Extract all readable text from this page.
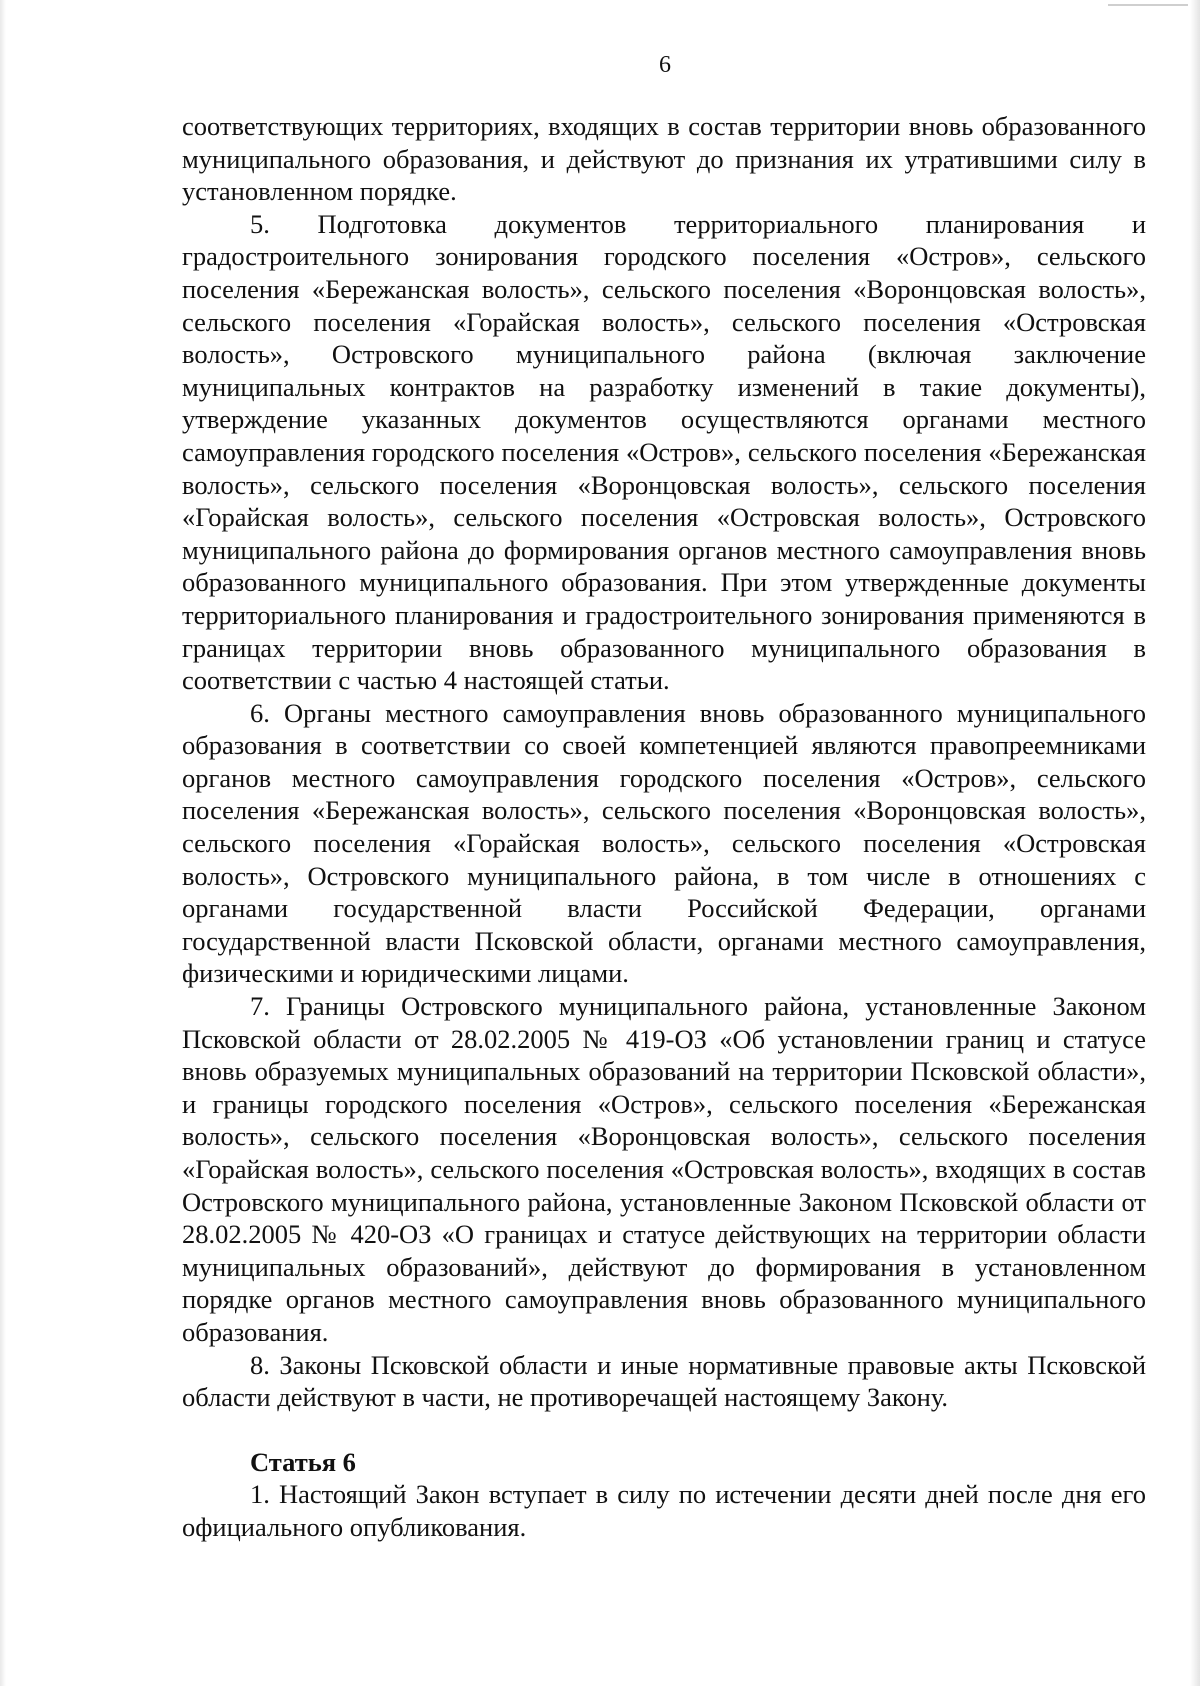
6

соответствующих территориях, входящих в состав территории вновь образованного муниципального образования, и действуют до признания их утратившими силу в установленном порядке.

5. Подготовка документов территориального планирования и градостроительного зонирования городского поселения «Остров», сельского поселения «Бережанская волость», сельского поселения «Воронцовская волость», сельского поселения «Горайская волость», сельского поселения «Островская волость», Островского муниципального района (включая заключение муниципальных контрактов на разработку изменений в такие документы), утверждение указанных документов осуществляются органами местного самоуправления городского поселения «Остров», сельского поселения «Бережанская волость», сельского поселения «Воронцовская волость», сельского поселения «Горайская волость», сельского поселения «Островская волость», Островского муниципального района до формирования органов местного самоуправления вновь образованного муниципального образования. При этом утвержденные документы территориального планирования и градостроительного зонирования применяются в границах территории вновь образованного муниципального образования в соответствии с частью 4 настоящей статьи.

6. Органы местного самоуправления вновь образованного муниципального образования в соответствии со своей компетенцией являются правопреемниками органов местного самоуправления городского поселения «Остров», сельского поселения «Бережанская волость», сельского поселения «Воронцовская волость», сельского поселения «Горайская волость», сельского поселения «Островская волость», Островского муниципального района, в том числе в отношениях с органами государственной власти Российской Федерации, органами государственной власти Псковской области, органами местного самоуправления, физическими и юридическими лицами.

7. Границы Островского муниципального района, установленные Законом Псковской области от 28.02.2005 № 419-ОЗ «Об установлении границ и статусе вновь образуемых муниципальных образований на территории Псковской области», и границы городского поселения «Остров», сельского поселения «Бережанская волость», сельского поселения «Воронцовская волость», сельского поселения «Горайская волость», сельского поселения «Островская волость», входящих в состав Островского муниципального района, установленные Законом Псковской области от 28.02.2005 № 420-ОЗ «О границах и статусе действующих на территории области муниципальных образований», действуют до формирования в установленном порядке органов местного самоуправления вновь образованного муниципального образования.

8. Законы Псковской области и иные нормативные правовые акты Псковской области действуют в части, не противоречащей настоящему Закону.

Статья 6

1. Настоящий Закон вступает в силу по истечении десяти дней после дня его официального опубликования.
